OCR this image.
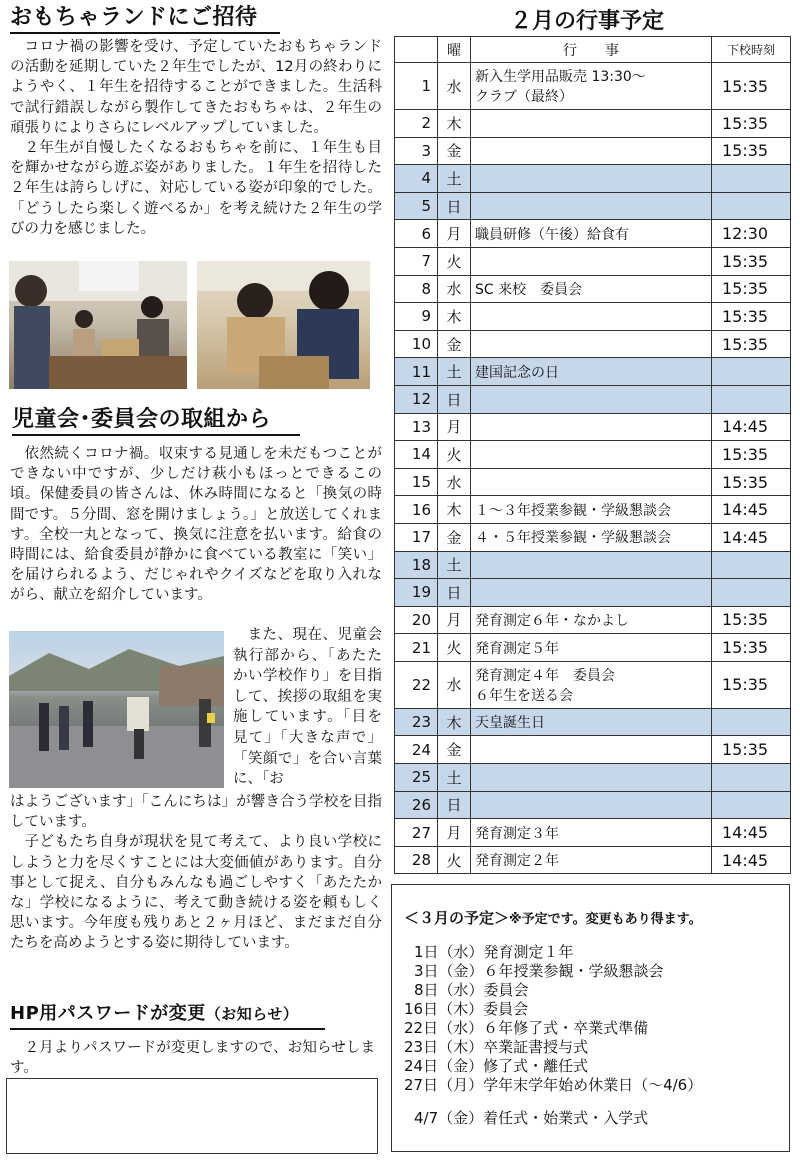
おもちゃランドにご招待

コロナ禍の影響を受け、予定していたおもちゃランドの活動を延期していた２年生でしたが、12月の終わりにようやく、１年生を招待することができました。生活科で試行錯誤しながら製作してきたおもちゃは、２年生の頑張りによりさらにレベルアップしていました。

２年生が自慢したくなるおもちゃを前に、１年生も目を輝かせながら遊ぶ姿がありました。１年生を招待した２年生は誇らしげに、対応している姿が印象的でした。「どうしたら楽しく遊べるか」を考え続けた２年生の学びの力を感じました。

児童会･委員会の取組から

依然続くコロナ禍。収束する見通しを未だもつことができない中ですが、少しだけ萩小もほっとできるこの頃。保健委員の皆さんは、休み時間になると「換気の時間です。５分間、窓を開けましょう。」と放送してくれます。全校一丸となって、換気に注意を払います。給食の時間には、給食委員が静かに食べている教室に「笑い」を届けられるよう、だじゃれやクイズなどを取り入れながら、献立を紹介しています。

また、現在、児童会執行部から、「あたたかい学校作り」を目指して、挨拶の取組を実施しています。「目を見て」「大きな声で」「笑顔で」を合い言葉に、「お

はようございます」「こんにちは」が響き合う学校を目指しています。

子どもたち自身が現状を見て考えて、より良い学校にしようと力を尽くすことには大変価値があります。自分事として捉え、自分もみんなも過ごしやすく「あたたかな」学校になるように、考えて動き続ける姿を頼もしく思います。今年度も残りあと２ヶ月ほど、まだまだ自分たちを高めようとする姿に期待しています。

HP用パスワードが変更（お知らせ）

２月よりパスワードが変更しますので、お知らせします。

２月の行事予定
	曜	行　　事	下校時刻
1	水	新入生学用品販売 13:30〜
クラブ（最終）	15:35
2	木		15:35
3	金		15:35
4	土	

5	日	

6	月	職員研修（午後）給食有	12:30
7	火		15:35
8	水	SC 来校　委員会	15:35
9	木		15:35
10	金		15:35
11	土	建国記念の日	

12	日	

13	月		14:45
14	火		15:35
15	水		15:35
16	木	１〜３年授業参観・学級懇談会	14:45
17	金	４・５年授業参観・学級懇談会	14:45
18	土	

19	日	

20	月	発育測定６年・なかよし	15:35
21	火	発育測定５年	15:35
22	水	発育測定４年　委員会
６年生を送る会	15:35
23	木	天皇誕生日	

24	金		15:35
25	土	

26	日	

27	月	発育測定３年	14:45
28	火	発育測定２年	14:45
＜３月の予定＞※予定です。変更もあり得ます。
1日（水）発育測定１年
3日（金）６年授業参観・学級懇談会
8日（水）委員会
16日（木）委員会
22日（水）６年修了式・卒業式準備
23日（木）卒業証書授与式
24日（金）修了式・離任式
27日（月）学年末学年始め休業日（〜4/6）
4/7（金）着任式・始業式・入学式
